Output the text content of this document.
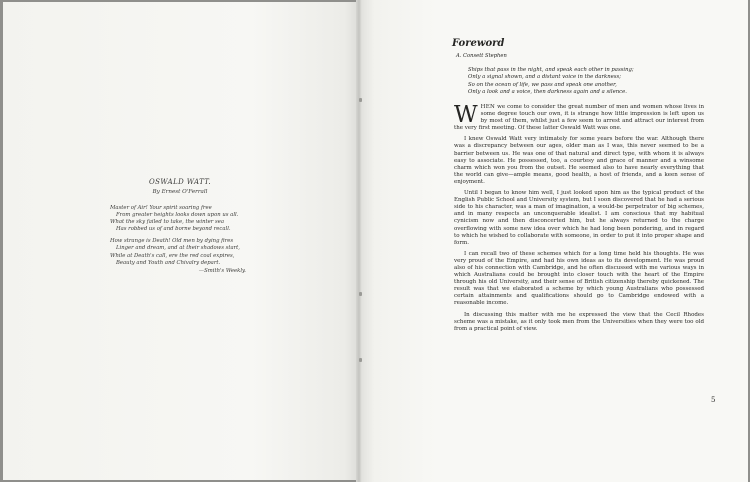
OSWALD WATT.
By Ernest O'Ferrall
Master of Air! Your spirit soaring free
From greater heights looks down upon us all.
What the sky failed to take, the winter sea
Has robbed us of and borne beyond recall.
How strange is Death! Old men by dying fires
Linger and dream, and at their shadows start,
While at Death's call, ere the red coal expires,
Beauty and Youth and Chivalry depart.
—Smith's Weekly.
Foreword
A. Consett Stephen
Ships that pass in the night, and speak each other in passing;
Only a signal shown, and a distant voice in the darkness;
So on the ocean of life, we pass and speak one another,
Only a look and a voice, then darkness again and a silence.

WHEN we come to consider the great number of men and women whose lives in some degree touch our own, it is strange how little impression is left upon us by most of them, whilst just a few seem to arrest and attract our interest from the very first meeting. Of these latter Oswald Watt was one.

I knew Oswald Watt very intimately for some years before the war. Although there was a discrepancy between our ages, older man as I was, this never seemed to be a barrier between us. He was one of that natural and direct type, with whom it is always easy to associate. He possessed, too, a courtesy and grace of manner and a winsome charm which won you from the outset. He seemed also to have nearly everything that the world can give—ample means, good health, a host of friends, and a keen sense of enjoyment.

Until I began to know him well, I just looked upon him as the typical product of the English Public School and University system, but I soon discovered that he had a serious side to his character, was a man of imagination, a would-be perpetrator of big schemes, and in many respects an unconquerable idealist. I am conscious that my habitual cynicism now and then disconcerted him, but he always returned to the charge overflowing with some new idea over which he had long been pondering, and in regard to which he wished to collaborate with someone, in order to put it into proper shape and form.

I can recall two of these schemes which for a long time held his thoughts. He was very proud of the Empire, and had his own ideas as to its development. He was proud also of his connection with Cambridge, and he often discussed with me various ways in which Australians could be brought into closer touch with the heart of the Empire through his old University, and their sense of British citizenship thereby quickened. The result was that we elaborated a scheme by which young Australians who possessed certain attainments and qualifications should go to Cambridge endowed with a reasonable income.

In discussing this matter with me he expressed the view that the Cecil Rhodes scheme was a mistake, as it only took men from the Universities when they were too old from a practical point of view.

5
